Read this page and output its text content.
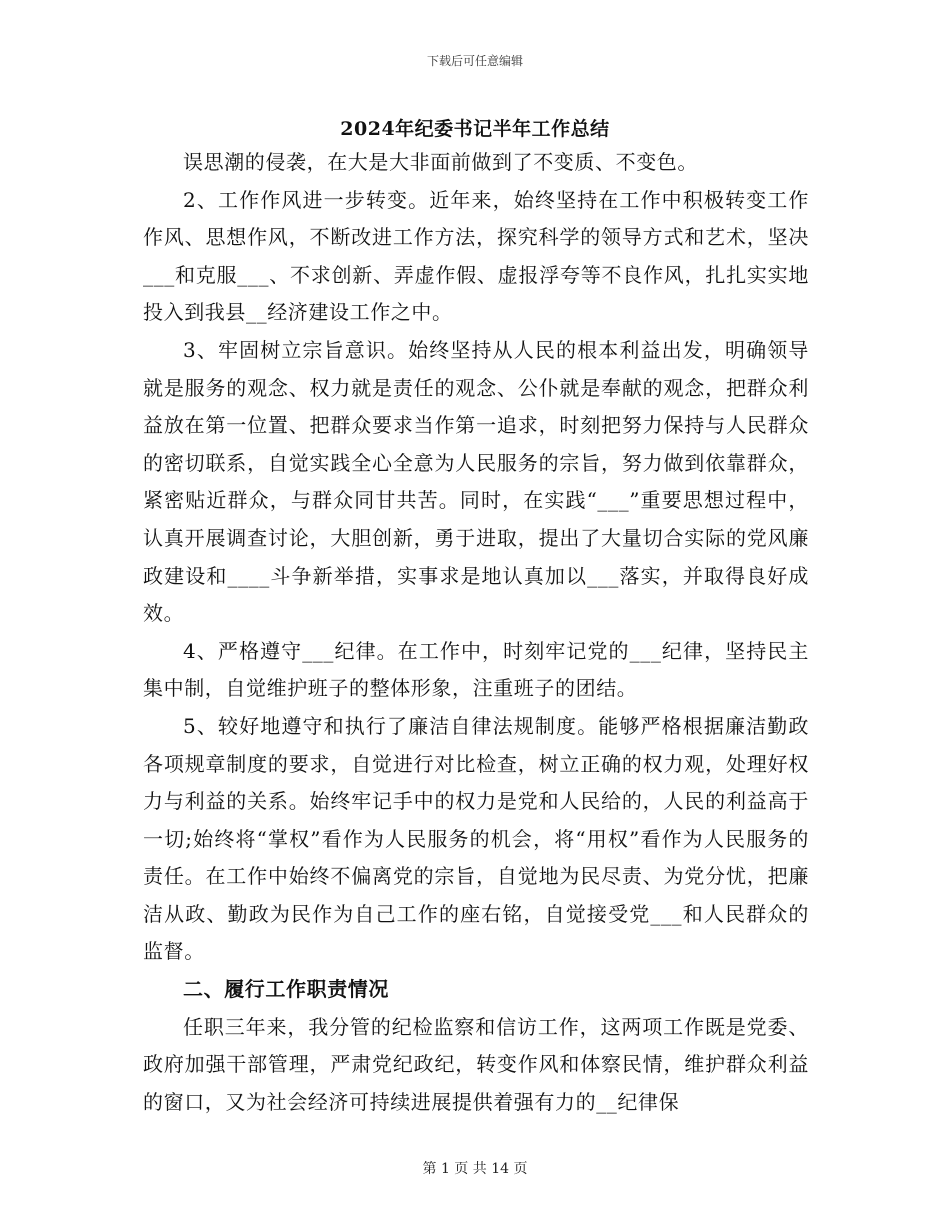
下载后可任意编辑
2024年纪委书记半年工作总结

误思潮的侵袭，在大是大非面前做到了不变质、不变色。

2、工作作风进一步转变。近年来，始终坚持在工作中积极转变工作作风、思想作风，不断改进工作方法，探究科学的领导方式和艺术，坚决___和克服___、不求创新、弄虚作假、虚报浮夸等不良作风，扎扎实实地投入到我县__经济建设工作之中。

3、牢固树立宗旨意识。始终坚持从人民的根本利益出发，明确领导就是服务的观念、权力就是责任的观念、公仆就是奉献的观念，把群众利益放在第一位置、把群众要求当作第一追求，时刻把努力保持与人民群众的密切联系，自觉实践全心全意为人民服务的宗旨，努力做到依靠群众，紧密贴近群众，与群众同甘共苦。同时，在实践“___”重要思想过程中，认真开展调查讨论，大胆创新，勇于进取，提出了大量切合实际的党风廉政建设和____斗争新举措，实事求是地认真加以___落实，并取得良好成效。

4、严格遵守___纪律。在工作中，时刻牢记党的___纪律，坚持民主集中制，自觉维护班子的整体形象，注重班子的团结。

5、较好地遵守和执行了廉洁自律法规制度。能够严格根据廉洁勤政各项规章制度的要求，自觉进行对比检查，树立正确的权力观，处理好权力与利益的关系。始终牢记手中的权力是党和人民给的，人民的利益高于一切;始终将“掌权”看作为人民服务的机会，将“用权”看作为人民服务的责任。在工作中始终不偏离党的宗旨，自觉地为民尽责、为党分忧，把廉洁从政、勤政为民作为自己工作的座右铭，自觉接受党___和人民群众的监督。

二、履行工作职责情况

任职三年来，我分管的纪检监察和信访工作，这两项工作既是党委、政府加强干部管理，严肃党纪政纪，转变作风和体察民情，维护群众利益的窗口，又为社会经济可持续进展提供着强有力的__纪律保

第 1 页 共 14 页
